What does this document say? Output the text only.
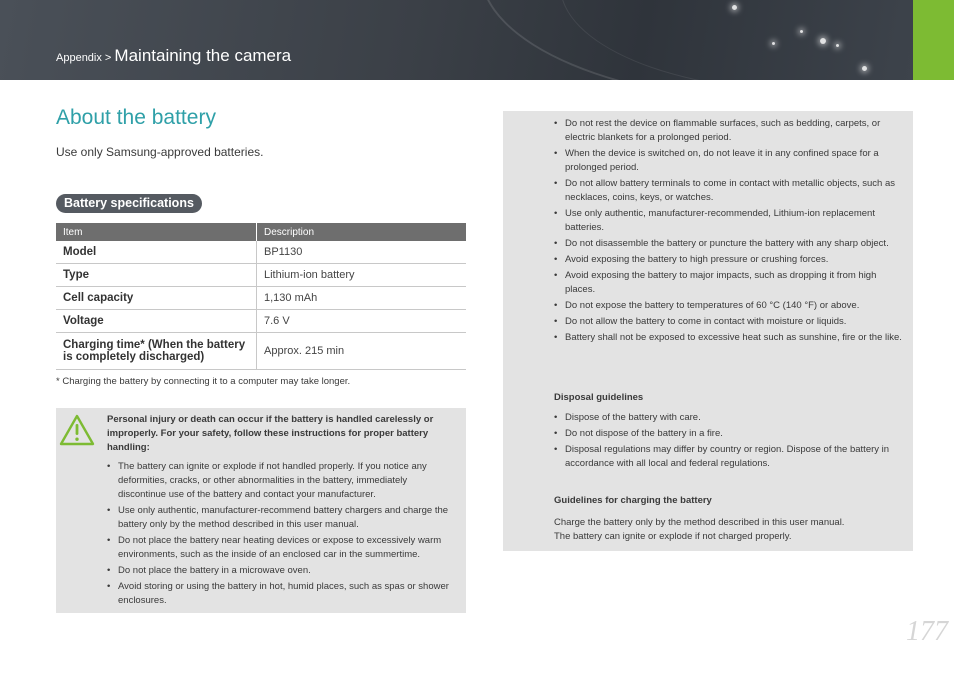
Appendix > Maintaining the camera
About the battery

Use only Samsung-approved batteries.

Battery specifications
Item	Description
Model	BP1130
Type	Lithium-ion battery
Cell capacity	1,130 mAh
Voltage	7.6 V
Charging time* (When the battery is completely discharged)	Approx. 215 min

* Charging the battery by connecting it to a computer may take longer.

Personal injury or death can occur if the battery is handled carelessly or improperly. For your safety, follow these instructions for proper battery handling:

• The battery can ignite or explode if not handled properly. If you notice any deformities, cracks, or other abnormalities in the battery, immediately discontinue use of the battery and contact your manufacturer.
• Use only authentic, manufacturer-recommend battery chargers and charge the battery only by the method described in this user manual.
• Do not place the battery near heating devices or expose to excessively warm environments, such as the inside of an enclosed car in the summertime.
• Do not place the battery in a microwave oven.
• Avoid storing or using the battery in hot, humid places, such as spas or shower enclosures.
• Do not rest the device on flammable surfaces, such as bedding, carpets, or electric blankets for a prolonged period.
• When the device is switched on, do not leave it in any confined space for a prolonged period.
• Do not allow battery terminals to come in contact with metallic objects, such as necklaces, coins, keys, or watches.
• Use only authentic, manufacturer-recommended, Lithium-ion replacement batteries.
• Do not disassemble the battery or puncture the battery with any sharp object.
• Avoid exposing the battery to high pressure or crushing forces.
• Avoid exposing the battery to major impacts, such as dropping it from high places.
• Do not expose the battery to temperatures of 60 °C (140 °F) or above.
• Do not allow the battery to come in contact with moisture or liquids.
• Battery shall not be exposed to excessive heat such as sunshine, fire or the like.

Disposal guidelines

• Dispose of the battery with care.
• Do not dispose of the battery in a fire.
• Disposal regulations may differ by country or region. Dispose of the battery in accordance with all local and federal regulations.

Guidelines for charging the battery

Charge the battery only by the method described in this user manual.
The battery can ignite or explode if not charged properly.

177
